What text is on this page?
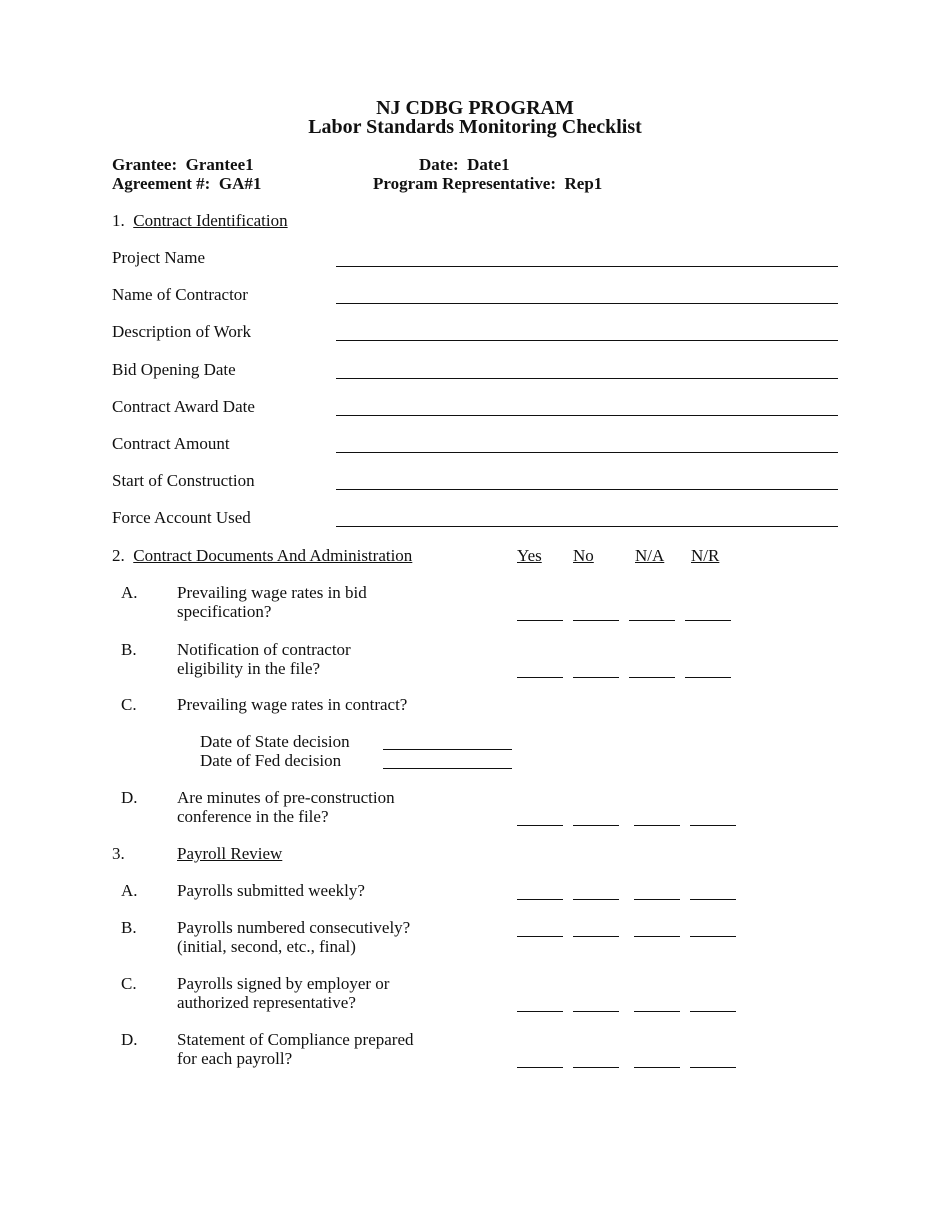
NJ CDBG PROGRAM
Labor Standards Monitoring Checklist
Grantee: Grantee1
Agreement #: GA#1
Date: Date1
Program Representative: Rep1
1. Contract Identification
Project Name
Name of Contractor
Description of Work
Bid Opening Date
Contract Award Date
Contract Amount
Start of Construction
Force Account Used
2. Contract Documents And Administration	Yes No N/A N/R
A. Prevailing wage rates in bid
specification?
B. Notification of contractor
eligibility in the file?
C. Prevailing wage rates in contract?
Date of State decision
Date of Fed decision
D. Are minutes of pre-construction
conference in the file?
3.	Payroll Review
A. Payrolls submitted weekly?
B. Payrolls numbered consecutively?
(initial, second, etc., final)
C. Payrolls signed by employer or
authorized representative?
D. Statement of Compliance prepared
for each payroll?
